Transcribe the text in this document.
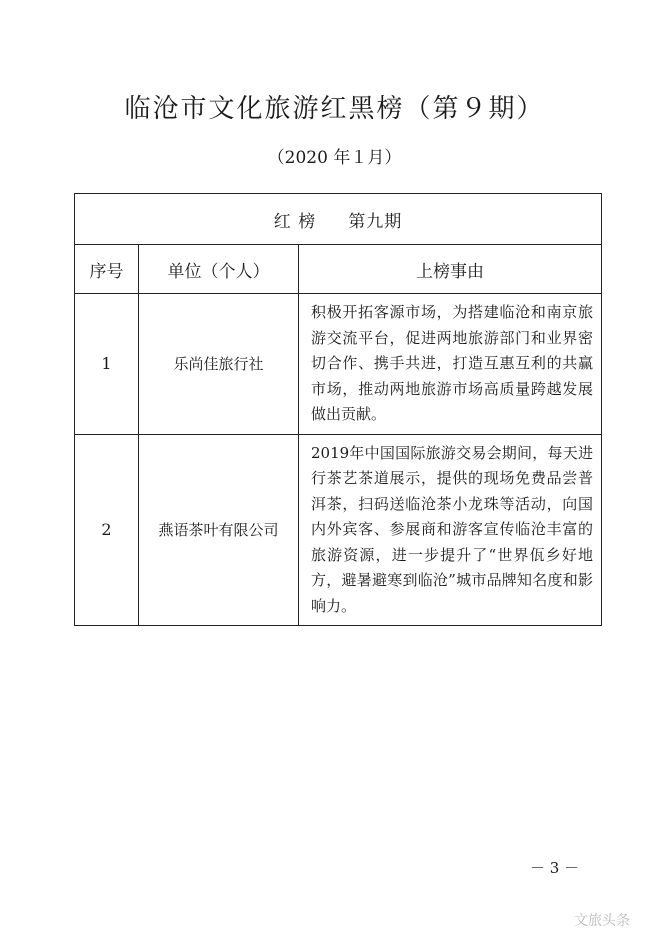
临沧市文化旅游红黑榜（第９期）
（2020 年１月）
红 榜 第九期		
序号	单位（个人）	上榜事由
1	乐尚佳旅行社	积极开拓客源市场，为搭建临沧和南京旅游交流平台，促进两地旅游部门和业界密切合作、携手共进，打造互惠互利的共赢市场，推动两地旅游市场高质量跨越发展做出贡献。
2	燕语茶叶有限公司	2019年中国国际旅游交易会期间，每天进行茶艺茶道展示，提供的现场免费品尝普洱茶，扫码送临沧茶小龙珠等活动，向国内外宾客、参展商和游客宣传临沧丰富的旅游资源，进一步提升了“世界佤乡好地方，避暑避寒到临沧”城市品牌知名度和影响力。
－ 3 －
文旅头条
